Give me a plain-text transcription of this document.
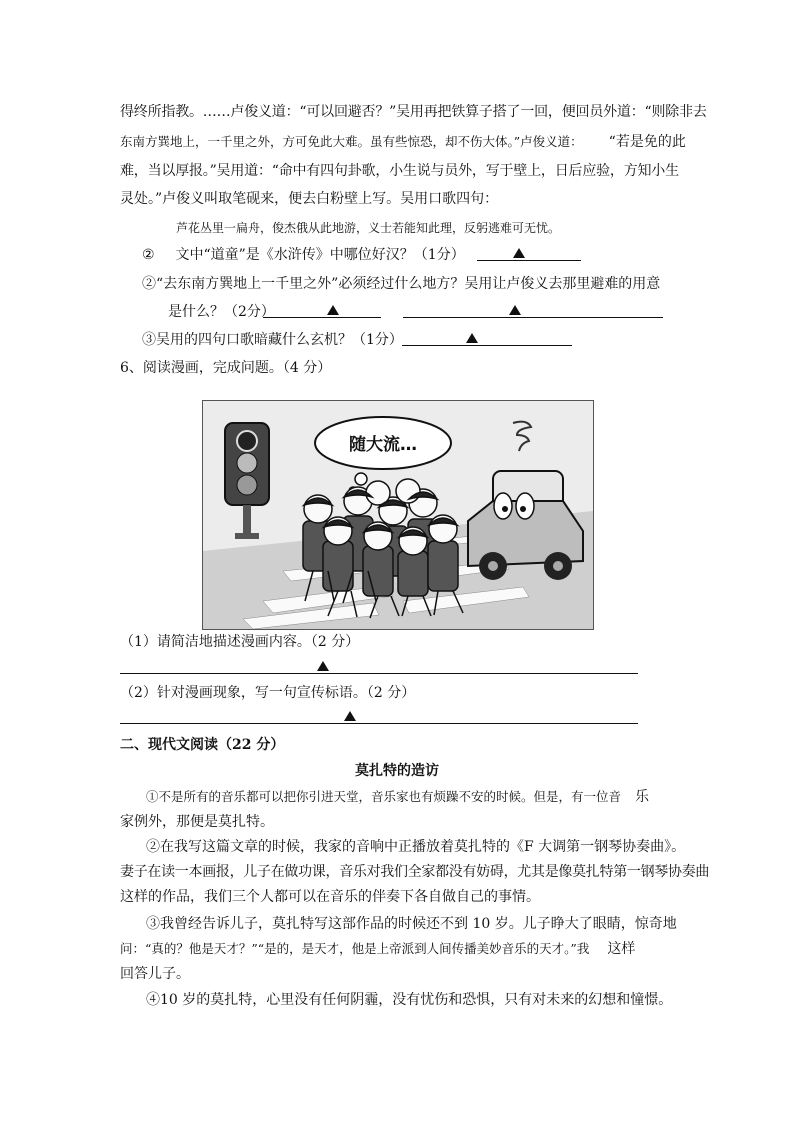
得终所指教。……卢俊义道：“可以回避否？”吴用再把铁算子搭了一回，便回员外道：“则除非去
东南方巽地上，一千里之外，方可免此大难。虽有些惊恐，却不伤大体。”卢俊义道： “若是免的此
难，当以厚报。”吴用道：“命中有四句卦歌，小生说与员外，写于壁上，日后应验，方知小生
灵处。”卢俊义叫取笔砚来，便去白粉壁上写。吴用口歌四句：
芦花丛里一扁舟，俊杰俄从此地游，义士若能知此理，反躬逃难可无忧。
② 文中“道童”是《水浒传》中哪位好汉？（1分）
②“去东南方巽地上一千里之外”必须经过什么地方？吴用让卢俊义去那里避难的用意
是什么？（2分）
③吴用的四句口歌暗藏什么玄机？（1分）
6、阅读漫画，完成问题。（4 分）
随大流…
（1）请简洁地描述漫画内容。（2 分）
（2）针对漫画现象，写一句宣传标语。（2 分）
二、现代文阅读（22 分）
莫扎特的造访
①不是所有的音乐都可以把你引进天堂，音乐家也有烦躁不安的时候。但是，有一位音 乐
家例外，那便是莫扎特。
②在我写这篇文章的时候，我家的音响中正播放着莫扎特的《F 大调第一钢琴协奏曲》。
妻子在读一本画报，儿子在做功课，音乐对我们全家都没有妨碍，尤其是像莫扎特第一钢琴协奏曲
这样的作品，我们三个人都可以在音乐的伴奏下各自做自己的事情。
③我曾经告诉儿子，莫扎特写这部作品的时候还不到 10 岁。儿子睁大了眼睛，惊奇地
问：“真的？他是天才？”“是的，是天才，他是上帝派到人间传播美妙音乐的天才。”我 这样
回答儿子。
④10 岁的莫扎特，心里没有任何阴霾，没有忧伤和恐惧，只有对未来的幻想和憧憬。
